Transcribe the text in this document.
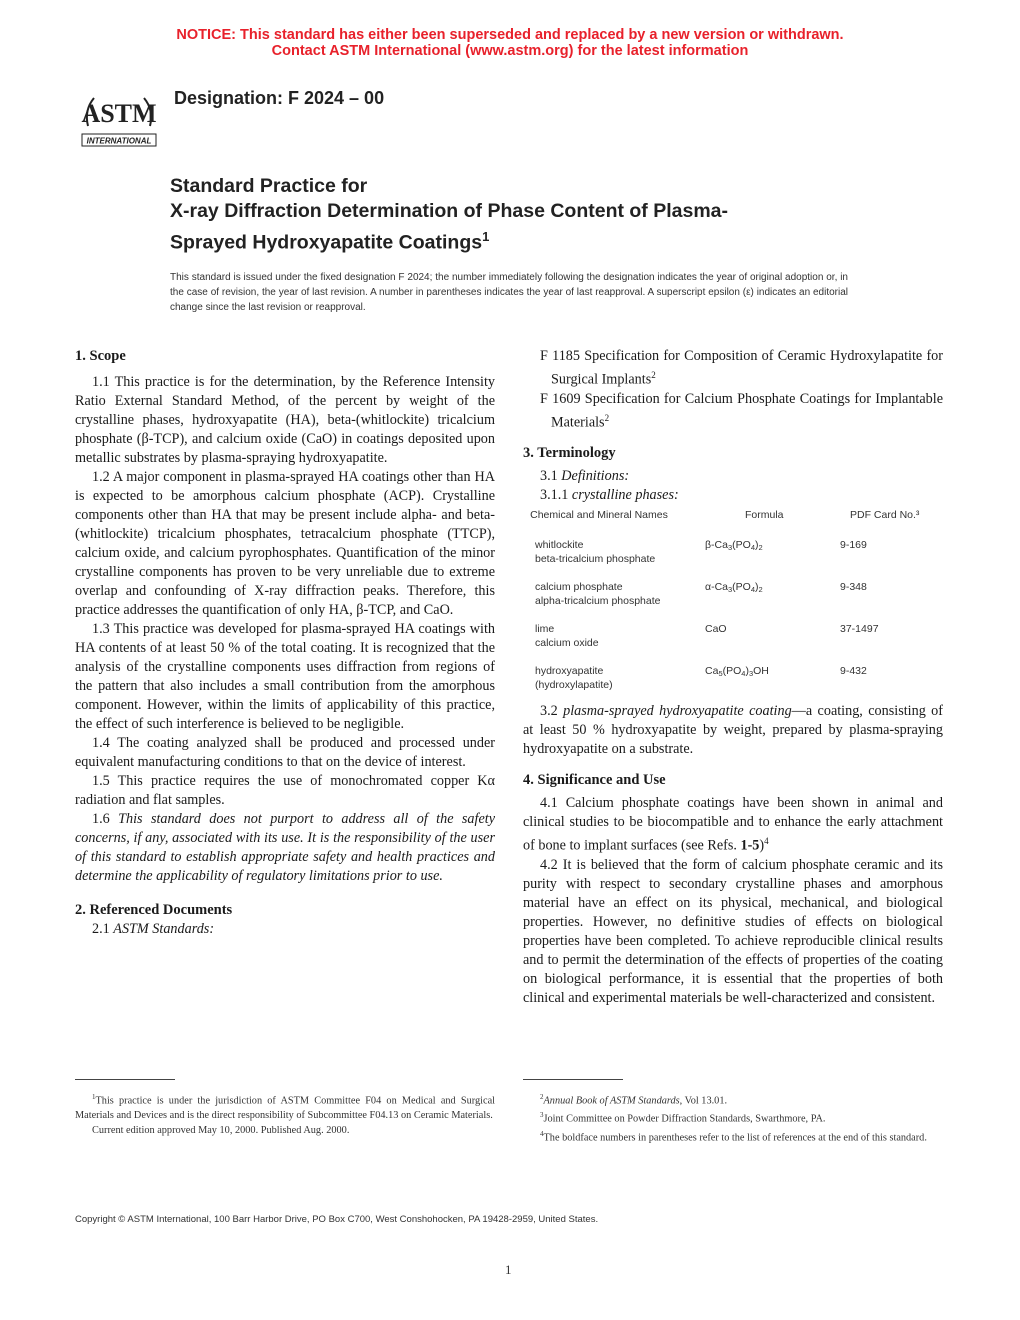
NOTICE: This standard has either been superseded and replaced by a new version or withdrawn.
Contact ASTM International (www.astm.org) for the latest information
ASTM
INTERNATIONAL
Designation: F 2024 – 00
Standard Practice for
X-ray Diffraction Determination of Phase Content of Plasma-
Sprayed Hydroxyapatite Coatings$^1$
This standard is issued under the fixed designation F 2024; the number immediately following the designation indicates the year of original adoption or, in the case of revision, the year of last revision. A number in parentheses indicates the year of last reapproval. A superscript epsilon (ε) indicates an editorial change since the last revision or reapproval.
1. Scope

1.1 This practice is for the determination, by the Reference Intensity Ratio External Standard Method, of the percent by weight of the crystalline phases, hydroxyapatite (HA), beta-(whitlockite) tricalcium phosphate (β-TCP), and calcium oxide (CaO) in coatings deposited upon metallic substrates by plasma-spraying hydroxyapatite.

1.2 A major component in plasma-sprayed HA coatings other than HA is expected to be amorphous calcium phosphate (ACP). Crystalline components other than HA that may be present include alpha- and beta- (whitlockite) tricalcium phosphates, tetracalcium phosphate (TTCP), calcium oxide, and calcium pyrophosphates. Quantification of the minor crystalline components has proven to be very unreliable due to extreme overlap and confounding of X-ray diffraction peaks. Therefore, this practice addresses the quantification of only HA, β-TCP, and CaO.

1.3 This practice was developed for plasma-sprayed HA coatings with HA contents of at least 50 % of the total coating. It is recognized that the analysis of the crystalline components uses diffraction from regions of the pattern that also includes a small contribution from the amorphous component. However, within the limits of applicability of this practice, the effect of such interference is believed to be negligible.

1.4 The coating analyzed shall be produced and processed under equivalent manufacturing conditions to that on the device of interest.

1.5 This practice requires the use of monochromated copper Kα radiation and flat samples.

1.6 This standard does not purport to address all of the safety concerns, if any, associated with its use. It is the responsibility of the user of this standard to establish appropriate safety and health practices and determine the applicability of regulatory limitations prior to use.

2. Referenced Documents

2.1 ASTM Standards:

F 1185 Specification for Composition of Ceramic Hydroxylapatite for Surgical Implants$^2$

F 1609 Specification for Calcium Phosphate Coatings for Implantable Materials$^2$

3. Terminology

3.1 Definitions:

3.1.1 crystalline phases:

Chemical and Mineral Names	Formula	PDF Card No.³

whitlockite
beta-tricalcium phosphate	$\beta-Ca_3(PO_4)_2$	9-169

calcium phosphate
alpha-tricalcium phosphate	$\alpha-Ca_3(PO_4)_2$	9-348

lime
calcium oxide	CaO	37-1497

hydroxyapatite
(hydroxylapatite)	$Ca_5(PO_4)_3OH$	9-432

3.2 plasma-sprayed hydroxyapatite coating—a coating, consisting of at least 50 % hydroxyapatite by weight, prepared by plasma-spraying hydroxyapatite on a substrate.

4. Significance and Use

4.1 Calcium phosphate coatings have been shown in animal and clinical studies to be biocompatible and to enhance the early attachment of bone to implant surfaces (see Refs. 1-5)$^4$

4.2 It is believed that the form of calcium phosphate ceramic and its purity with respect to secondary crystalline phases and amorphous material have an effect on its physical, mechanical, and biological properties. However, no definitive studies of effects on biological properties have been completed. To achieve reproducible clinical results and to permit the determination of the effects of properties of the coating on biological performance, it is essential that the properties of both clinical and experimental materials be well-characterized and consistent.

$^1$This practice is under the jurisdiction of ASTM Committee F04 on Medical and Surgical Materials and Devices and is the direct responsibility of Subcommittee F04.13 on Ceramic Materials.

Current edition approved May 10, 2000. Published Aug. 2000.

$^2$Annual Book of ASTM Standards, Vol 13.01.

$^3$Joint Committee on Powder Diffraction Standards, Swarthmore, PA.

$^4$The boldface numbers in parentheses refer to the list of references at the end of this standard.

Copyright © ASTM International, 100 Barr Harbor Drive, PO Box C700, West Conshohocken, PA 19428-2959, United States.
1
